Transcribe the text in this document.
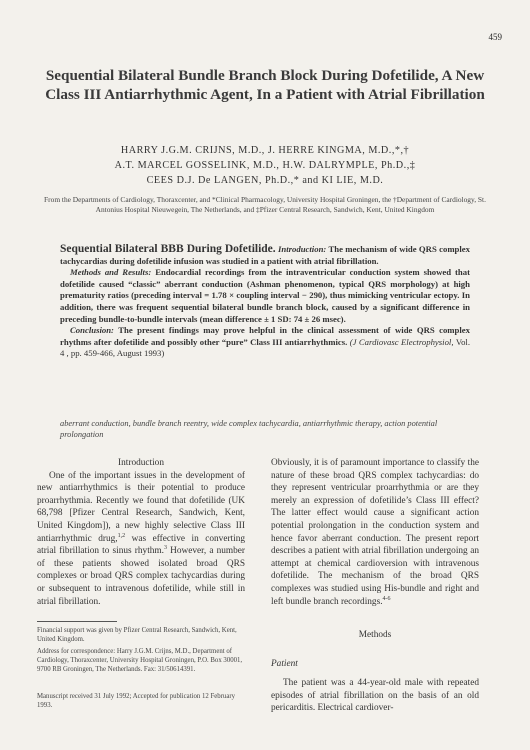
459
Sequential Bilateral Bundle Branch Block During Dofetilide, A New Class III Antiarrhythmic Agent, In a Patient with Atrial Fibrillation
HARRY J.G.M. CRIJNS, M.D., J. HERRE KINGMA, M.D.,*,†
A.T. MARCEL GOSSELINK, M.D., H.W. DALRYMPLE, Ph.D.,‡
CEES D.J. De LANGEN, Ph.D.,* and KI LIE, M.D.
From the Departments of Cardiology, Thoraxcenter, and *Clinical Pharmacology, University Hospital Groningen, the †Department of Cardiology, St. Antonius Hospital Nieuwegein, The Netherlands, and ‡Pfizer Central Research, Sandwich, Kent, United Kingdom

Sequential Bilateral BBB During Dofetilide. Introduction: The mechanism of wide QRS complex tachycardias during dofetilide infusion was studied in a patient with atrial fibrillation.

Methods and Results: Endocardial recordings from the intraventricular conduction system showed that dofetilide caused “classic” aberrant conduction (Ashman phenomenon, typical QRS morphology) at high prematurity ratios (preceding interval = 1.78 × coupling interval − 290), thus mimicking ventricular ectopy. In addition, there was frequent sequential bilateral bundle branch block, caused by a significant difference in preceding bundle-to-bundle intervals (mean difference ± 1 SD: 74 ± 26 msec).

Conclusion: The present findings may prove helpful in the clinical assessment of wide QRS complex rhythms after dofetilide and possibly other “pure” Class III antiarrhythmics. (J Cardiovasc Electrophysiol, Vol. 4 , pp. 459-466, August 1993)

aberrant conduction, bundle branch reentry, wide complex tachycardia, antiarrhythmic therapy, action potential prolongation

Introduction

One of the important issues in the development of new antiarrhythmics is their potential to produce proarrhythmia. Recently we found that dofetilide (UK 68,798 [Pfizer Central Research, Sandwich, Kent, United Kingdom]), a new highly selective Class III antiarrhythmic drug,$^{1,2}$ was effective in converting atrial fibrillation to sinus rhythm.$^3$ However, a number of these patients showed isolated broad QRS complexes or broad QRS complex tachycardias during or subsequent to intravenous dofetilide, while still in atrial fibrillation.

Obviously, it is of paramount importance to classify the nature of these broad QRS complex tachycardias: do they represent ventricular proarrhythmia or are they merely an expression of dofetilide’s Class III effect? The latter effect would cause a significant action potential prolongation in the conduction system and hence favor aberrant conduction. The present report describes a patient with atrial fibrillation undergoing an attempt at chemical cardioversion with intravenous dofetilide. The mechanism of the broad QRS complexes was studied using His-bundle and right and left bundle branch recordings.$^{4-6}$

Financial support was given by Pfizer Central Research, Sandwich, Kent, United Kingdom.
Address for correspondence: Harry J.G.M. Crijns, M.D., Department of Cardiology, Thoraxcenter, University Hospital Groningen, P.O. Box 30001, 9700 RB Groningen, The Netherlands. Fax: 31/50614391.
Manuscript received 31 July 1992; Accepted for publication 12 February 1993.
Methods
Patient

The patient was a 44-year-old male with repeated episodes of atrial fibrillation on the basis of an old pericarditis. Electrical cardiover-
